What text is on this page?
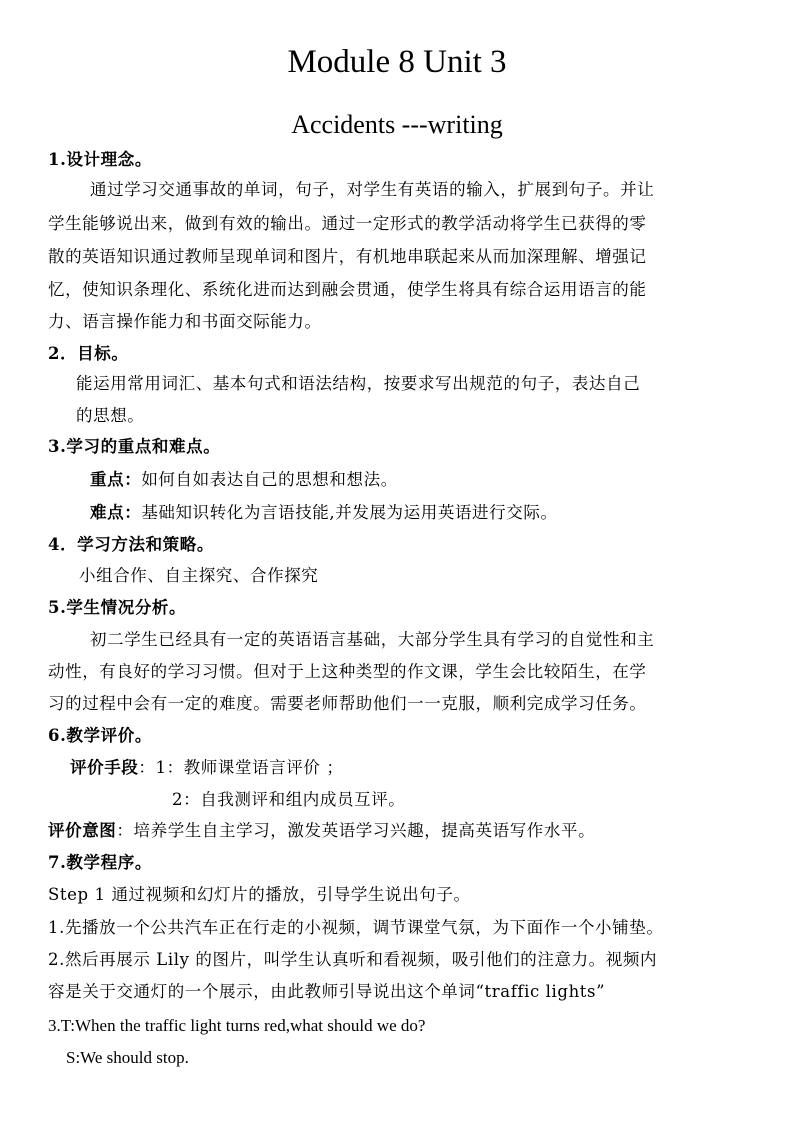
Module 8 Unit 3
Accidents ---writing
1.设计理念。
通过学习交通事故的单词，句子，对学生有英语的输入，扩展到句子。并让
学生能够说出来，做到有效的输出。通过一定形式的教学活动将学生已获得的零
散的英语知识通过教师呈现单词和图片，有机地串联起来从而加深理解、增强记
忆，使知识条理化、系统化进而达到融会贯通，使学生将具有综合运用语言的能
力、语言操作能力和书面交际能力。
2．目标。
能运用常用词汇、基本句式和语法结构，按要求写出规范的句子，表达自己
的思想。
3.学习的重点和难点。
重点：如何自如表达自己的思想和想法。
难点：基础知识转化为言语技能,并发展为运用英语进行交际。
4．学习方法和策略。
小组合作、自主探究、合作探究
5.学生情况分析。
初二学生已经具有一定的英语语言基础，大部分学生具有学习的自觉性和主
动性，有良好的学习习惯。但对于上这种类型的作文课，学生会比较陌生，在学
习的过程中会有一定的难度。需要老师帮助他们一一克服，顺利完成学习任务。
6.教学评价。
评价手段：1：教师课堂语言评价 ；
2：自我测评和组内成员互评。
评价意图：培养学生自主学习，激发英语学习兴趣，提高英语写作水平。
7.教学程序。
Step 1 通过视频和幻灯片的播放，引导学生说出句子。
1.先播放一个公共汽车正在行走的小视频，调节课堂气氛，为下面作一个小铺垫。
2.然后再展示 Lily 的图片，叫学生认真听和看视频，吸引他们的注意力。视频内
容是关于交通灯的一个展示，由此教师引导说出这个单词“traffic lights”
3.T:When the traffic light turns red,what should we do?
S:We should stop.
